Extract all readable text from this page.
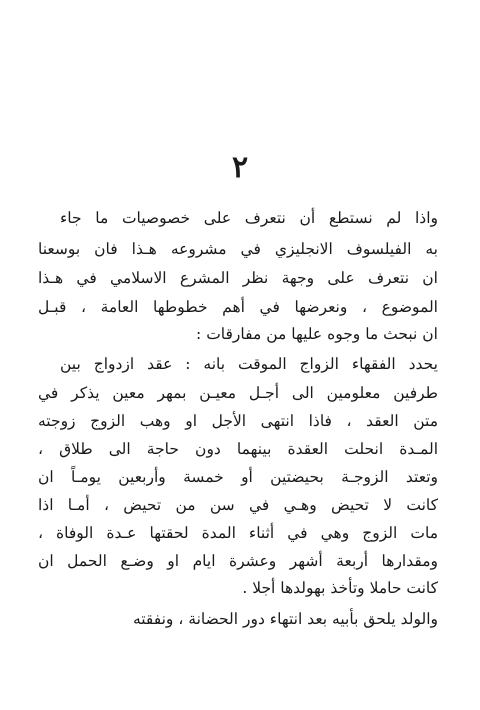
٢
واذا لم نستطع أن نتعرف على خصوصيات ما جاء
به الفيلسوف الانجليزي في مشروعه هـذا فان بوسعنا
ان نتعرف على وجهة نظر المشرع الاسلامي في هـذا
الموضوع ، ونعرضها في أهم خطوطها العامة ، قبـل
ان نبحث ما وجوه عليها من مفارقات :
يحدد الفقهاء الزواج الموقت بانه : عقد ازدواج بين
طرفين معلومين الى أجـل معيـن بمهر معين يذكر في
متن العقد ، فاذا انتهى الأجل او وهب الزوج زوجته
المـدة انحلت العقدة بينهما دون حاجة الى طلاق ،
وتعتد الزوجـة بحيضتين أو خمسة وأربعين يومـاً ان
كانت لا تحيض وهـي في سن من تحيض ، أمـا اذا
مات الزوج وهي في أثناء المدة لحقتها عـدة الوفاة ،
ومقدارها أربعة أشهر وعشرة ايام او وضـع الحمل ان
كانت حاملا وتأخذ بهولدها أجلا .
والولد يلحق بأبيه بعد انتهاء دور الحضانة ، ونفقته
